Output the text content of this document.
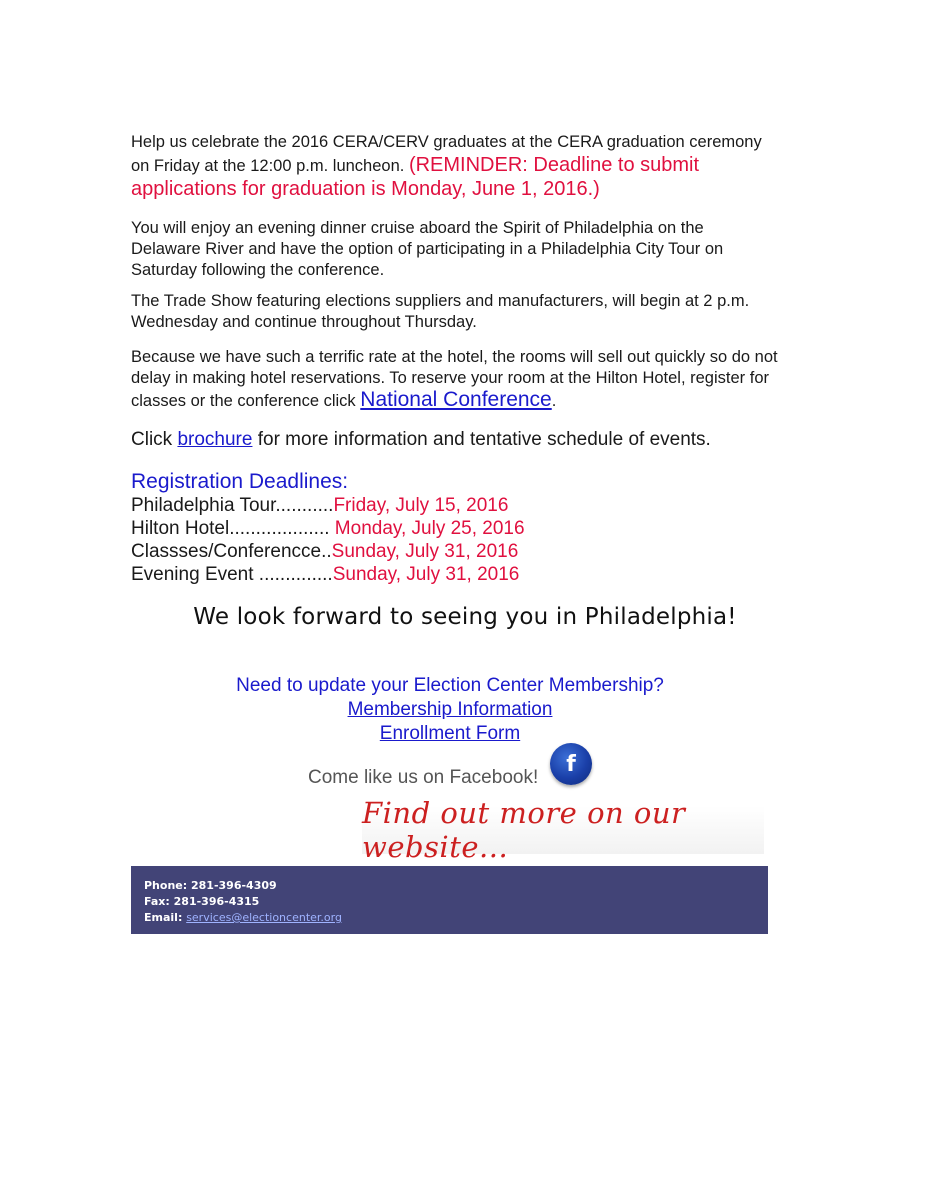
Help us celebrate the 2016 CERA/CERV graduates at the CERA graduation ceremony on Friday at the 12:00 p.m. luncheon. (REMINDER: Deadline to submit applications for graduation is Monday, June 1, 2016.)
You will enjoy an evening dinner cruise aboard the Spirit of Philadelphia on the Delaware River and have the option of participating in a Philadelphia City Tour on Saturday following the conference.
The Trade Show featuring elections suppliers and manufacturers, will begin at 2 p.m. Wednesday and continue throughout Thursday.
Because we have such a terrific rate at the hotel, the rooms will sell out quickly so do not delay in making hotel reservations. To reserve your room at the Hilton Hotel, register for classes or the conference click National Conference.
Click brochure for more information and tentative schedule of events.
Registration Deadlines:
Philadelphia Tour...........Friday, July 15, 2016
Hilton Hotel................... Monday, July 25, 2016
Classses/Conferencce..Sunday, July 31, 2016
Evening Event ..............Sunday, July 31, 2016
We look forward to seeing you in Philadelphia!
Need to update your Election Center Membership?
Membership Information
Enrollment Form
Come like us on Facebook!
f
Find out more on our website...
Phone: 281-396-4309
Fax: 281-396-4315
Email: services@electioncenter.org
